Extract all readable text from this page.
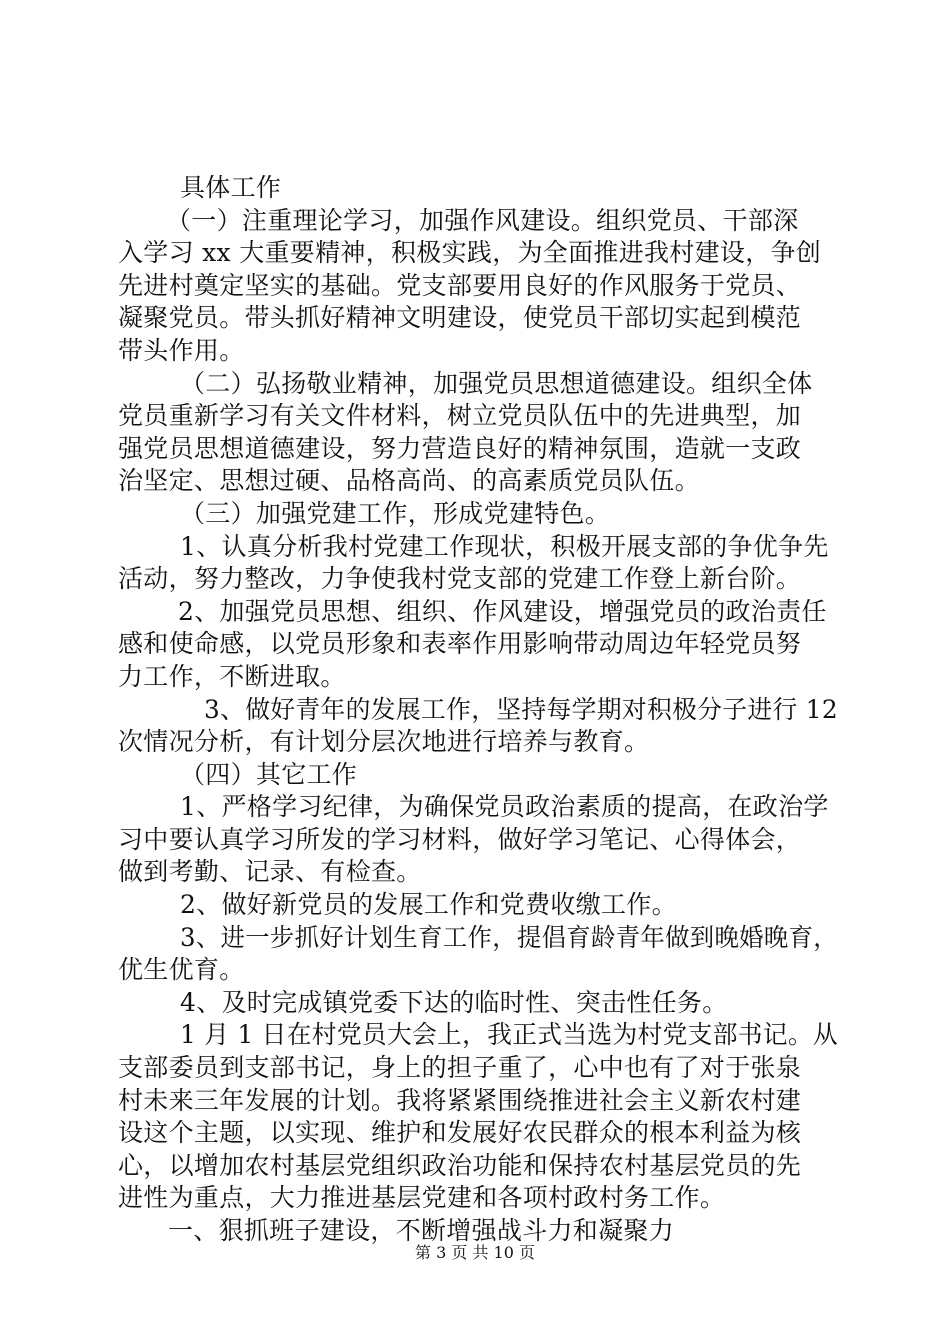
具体工作
（一）注重理论学习，加强作风建设。组织党员、干部深
入学习 xx 大重要精神，积极实践，为全面推进我村建设，争创
先进村奠定坚实的基础。党支部要用良好的作风服务于党员、
凝聚党员。带头抓好精神文明建设，使党员干部切实起到模范
带头作用。
（二）弘扬敬业精神，加强党员思想道德建设。组织全体
党员重新学习有关文件材料，树立党员队伍中的先进典型，加
强党员思想道德建设，努力营造良好的精神氛围，造就一支政
治坚定、思想过硬、品格高尚、的高素质党员队伍。
（三）加强党建工作，形成党建特色。
1、认真分析我村党建工作现状，积极开展支部的争优争先
活动，努力整改，力争使我村党支部的党建工作登上新台阶。
2、加强党员思想、组织、作风建设，增强党员的政治责任
感和使命感，以党员形象和表率作用影响带动周边年轻党员努
力工作，不断进取。
3、做好青年的发展工作，坚持每学期对积极分子进行 12
次情况分析，有计划分层次地进行培养与教育。
（四）其它工作
1、严格学习纪律，为确保党员政治素质的提高，在政治学
习中要认真学习所发的学习材料，做好学习笔记、心得体会，
做到考勤、记录、有检查。
2、做好新党员的发展工作和党费收缴工作。
3、进一步抓好计划生育工作，提倡育龄青年做到晚婚晚育，
优生优育。
4、及时完成镇党委下达的临时性、突击性任务。
1 月 1 日在村党员大会上，我正式当选为村党支部书记。从
支部委员到支部书记，身上的担子重了，心中也有了对于张泉
村未来三年发展的计划。我将紧紧围绕推进社会主义新农村建
设这个主题，以实现、维护和发展好农民群众的根本利益为核
心，以增加农村基层党组织政治功能和保持农村基层党员的先
进性为重点，大力推进基层党建和各项村政村务工作。
一、狠抓班子建设，不断增强战斗力和凝聚力
第 3 页 共 10 页
